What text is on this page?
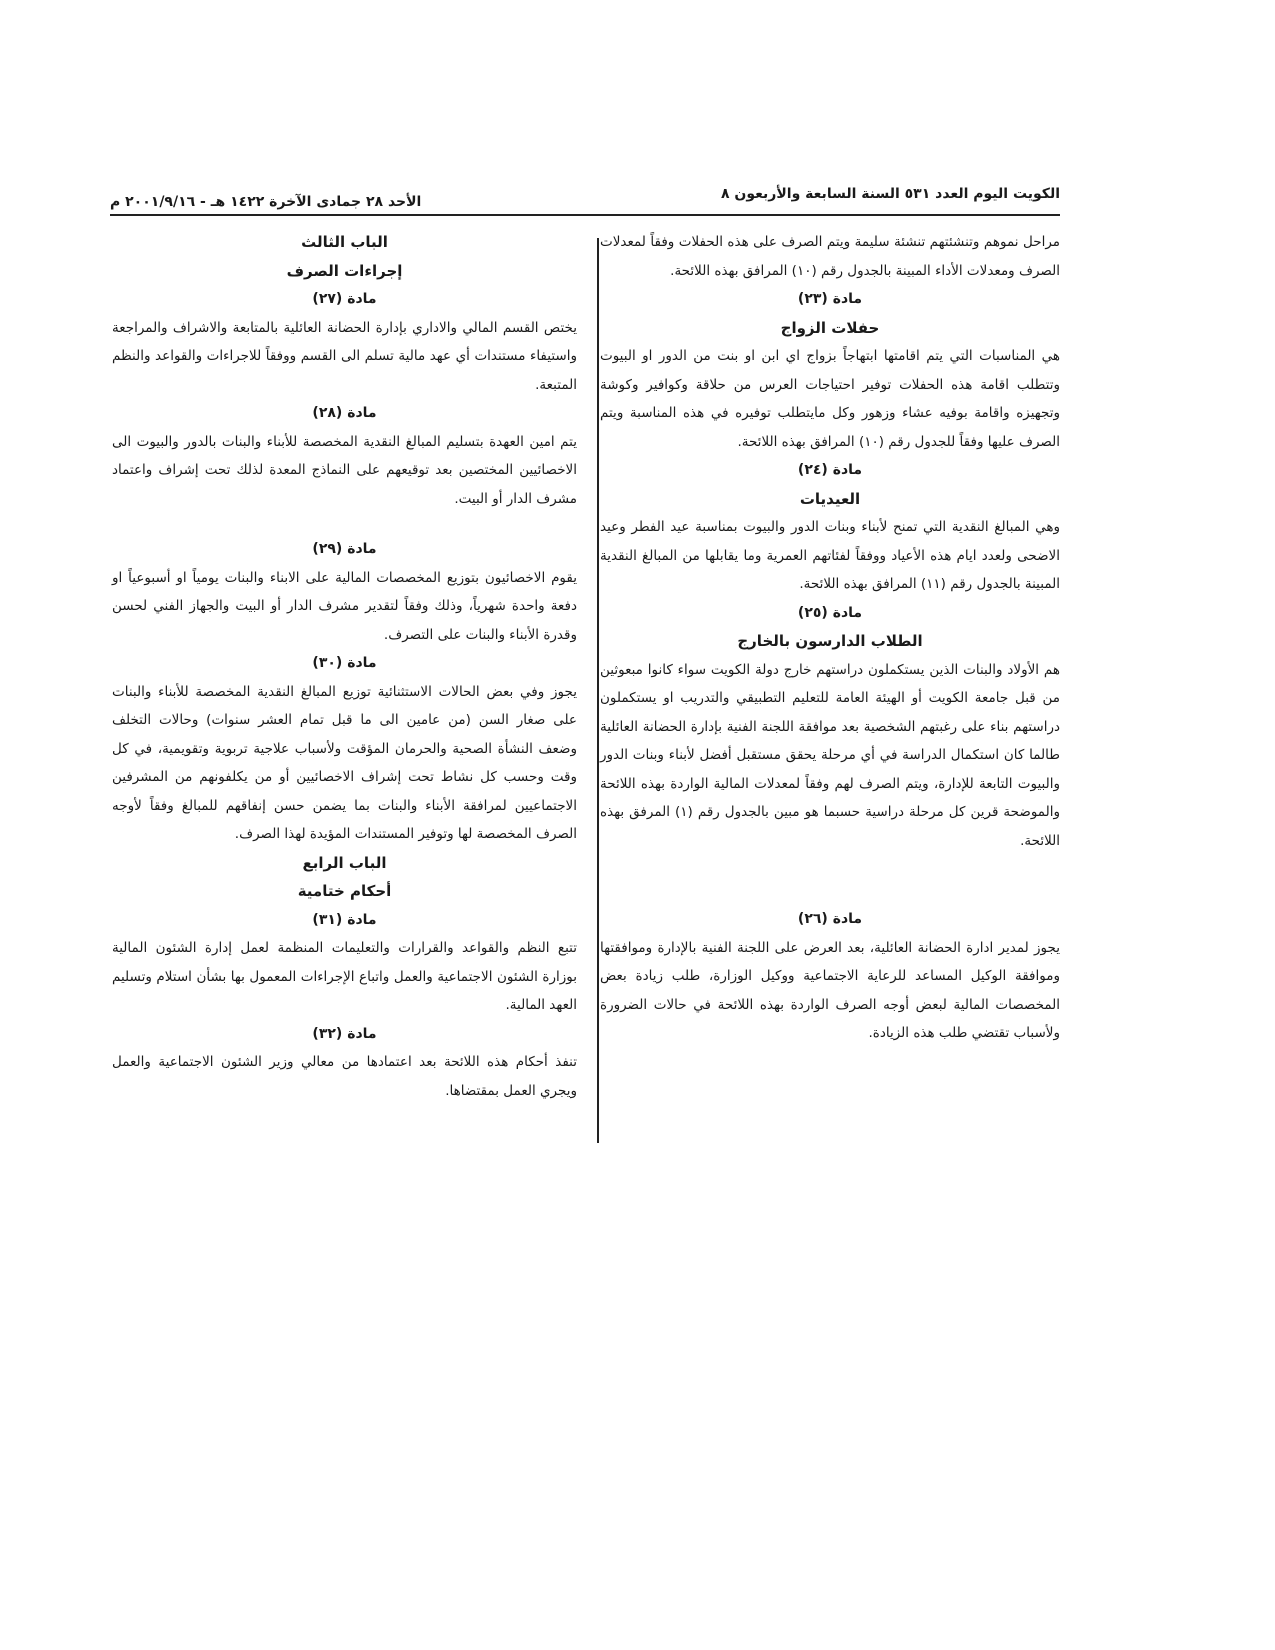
الكويت اليوم العدد ٥٣١ السنة السابعة والأربعون ٨
الأحد ٢٨ جمادى الآخرة ١٤٢٢ هـ - ٢٠٠١/٩/١٦ م

مراحل نموهم وتنشئتهم تنشئة سليمة ويتم الصرف على هذه الحفلات وفقاً لمعدلات الصرف ومعدلات الأداء المبينة بالجدول رقم (١٠) المرافق بهذه اللائحة.

مادة (٢٣)

حفلات الزواج

هي المناسبات التي يتم اقامتها ابتهاجاً بزواج اي ابن او بنت من الدور او البيوت وتتطلب اقامة هذه الحفلات توفير احتياجات العرس من حلاقة وكوافير وكوشة وتجهيزه واقامة بوفيه عشاء وزهور وكل مايتطلب توفيره في هذه المناسبة ويتم الصرف عليها وفقاً للجدول رقم (١٠) المرافق بهذه اللائحة.

مادة (٢٤)

العيديات

وهي المبالغ النقدية التي تمنح لأبناء وبنات الدور والبيوت بمناسبة عيد الفطر وعيد الاضحى ولعدد ايام هذه الأعياد ووفقاً لفئاتهم العمرية وما يقابلها من المبالغ النقدية المبينة بالجدول رقم (١١) المرافق بهذه اللائحة.

مادة (٢٥)

الطلاب الدارسون بالخارج

هم الأولاد والبنات الذين يستكملون دراستهم خارج دولة الكويت سواء كانوا مبعوثين من قبل جامعة الكويت أو الهيئة العامة للتعليم التطبيقي والتدريب او يستكملون دراستهم بناء على رغبتهم الشخصية بعد موافقة اللجنة الفنية بإدارة الحضانة العائلية طالما كان استكمال الدراسة في أي مرحلة يحقق مستقبل أفضل لأبناء وبنات الدور والبيوت التابعة للإدارة، ويتم الصرف لهم وفقاً لمعدلات المالية الواردة بهذه اللائحة والموضحة قرين كل مرحلة دراسية حسبما هو مبين بالجدول رقم (١) المرفق بهذه اللائحة.

مادة (٢٦)

يجوز لمدير ادارة الحضانة العائلية، بعد العرض على اللجنة الفنية بالإدارة وموافقتها وموافقة الوكيل المساعد للرعاية الاجتماعية ووكيل الوزارة، طلب زيادة بعض المخصصات المالية لبعض أوجه الصرف الواردة بهذه اللائحة في حالات الضرورة ولأسباب تقتضي طلب هذه الزيادة.

الباب الثالث

إجراءات الصرف

مادة (٢٧)

يختص القسم المالي والاداري بإدارة الحضانة العائلية بالمتابعة والاشراف والمراجعة واستيفاء مستندات أي عهد مالية تسلم الى القسم ووفقاً للاجراءات والقواعد والنظم المتبعة.

مادة (٢٨)

يتم امين العهدة بتسليم المبالغ النقدية المخصصة للأبناء والبنات بالدور والبيوت الى الاخصائيين المختصين بعد توقيعهم على النماذج المعدة لذلك تحت إشراف واعتماد مشرف الدار أو البيت.

مادة (٢٩)

يقوم الاخصائيون بتوزيع المخصصات المالية على الابناء والبنات يومياً او أسبوعياً او دفعة واحدة شهرياً، وذلك وفقاً لتقدير مشرف الدار أو البيت والجهاز الفني لحسن وقدرة الأبناء والبنات على التصرف.

مادة (٣٠)

يجوز وفي بعض الحالات الاستثنائية توزيع المبالغ النقدية المخصصة للأبناء والبنات على صغار السن (من عامين الى ما قبل تمام العشر سنوات) وحالات التخلف وضعف النشأة الصحية والحرمان المؤقت ولأسباب علاجية تربوية وتقويمية، في كل وقت وحسب كل نشاط تحت إشراف الاخصائيين أو من يكلفونهم من المشرفين الاجتماعيين لمرافقة الأبناء والبنات بما يضمن حسن إنفاقهم للمبالغ وفقاً لأوجه الصرف المخصصة لها وتوفير المستندات المؤيدة لهذا الصرف.

الباب الرابع

أحكام ختامية

مادة (٣١)

تتبع النظم والقواعد والقرارات والتعليمات المنظمة لعمل إدارة الشئون المالية بوزارة الشئون الاجتماعية والعمل واتباع الإجراءات المعمول بها بشأن استلام وتسليم العهد المالية.

مادة (٣٢)

تنفذ أحكام هذه اللائحة بعد اعتمادها من معالي وزير الشئون الاجتماعية والعمل ويجري العمل بمقتضاها.
